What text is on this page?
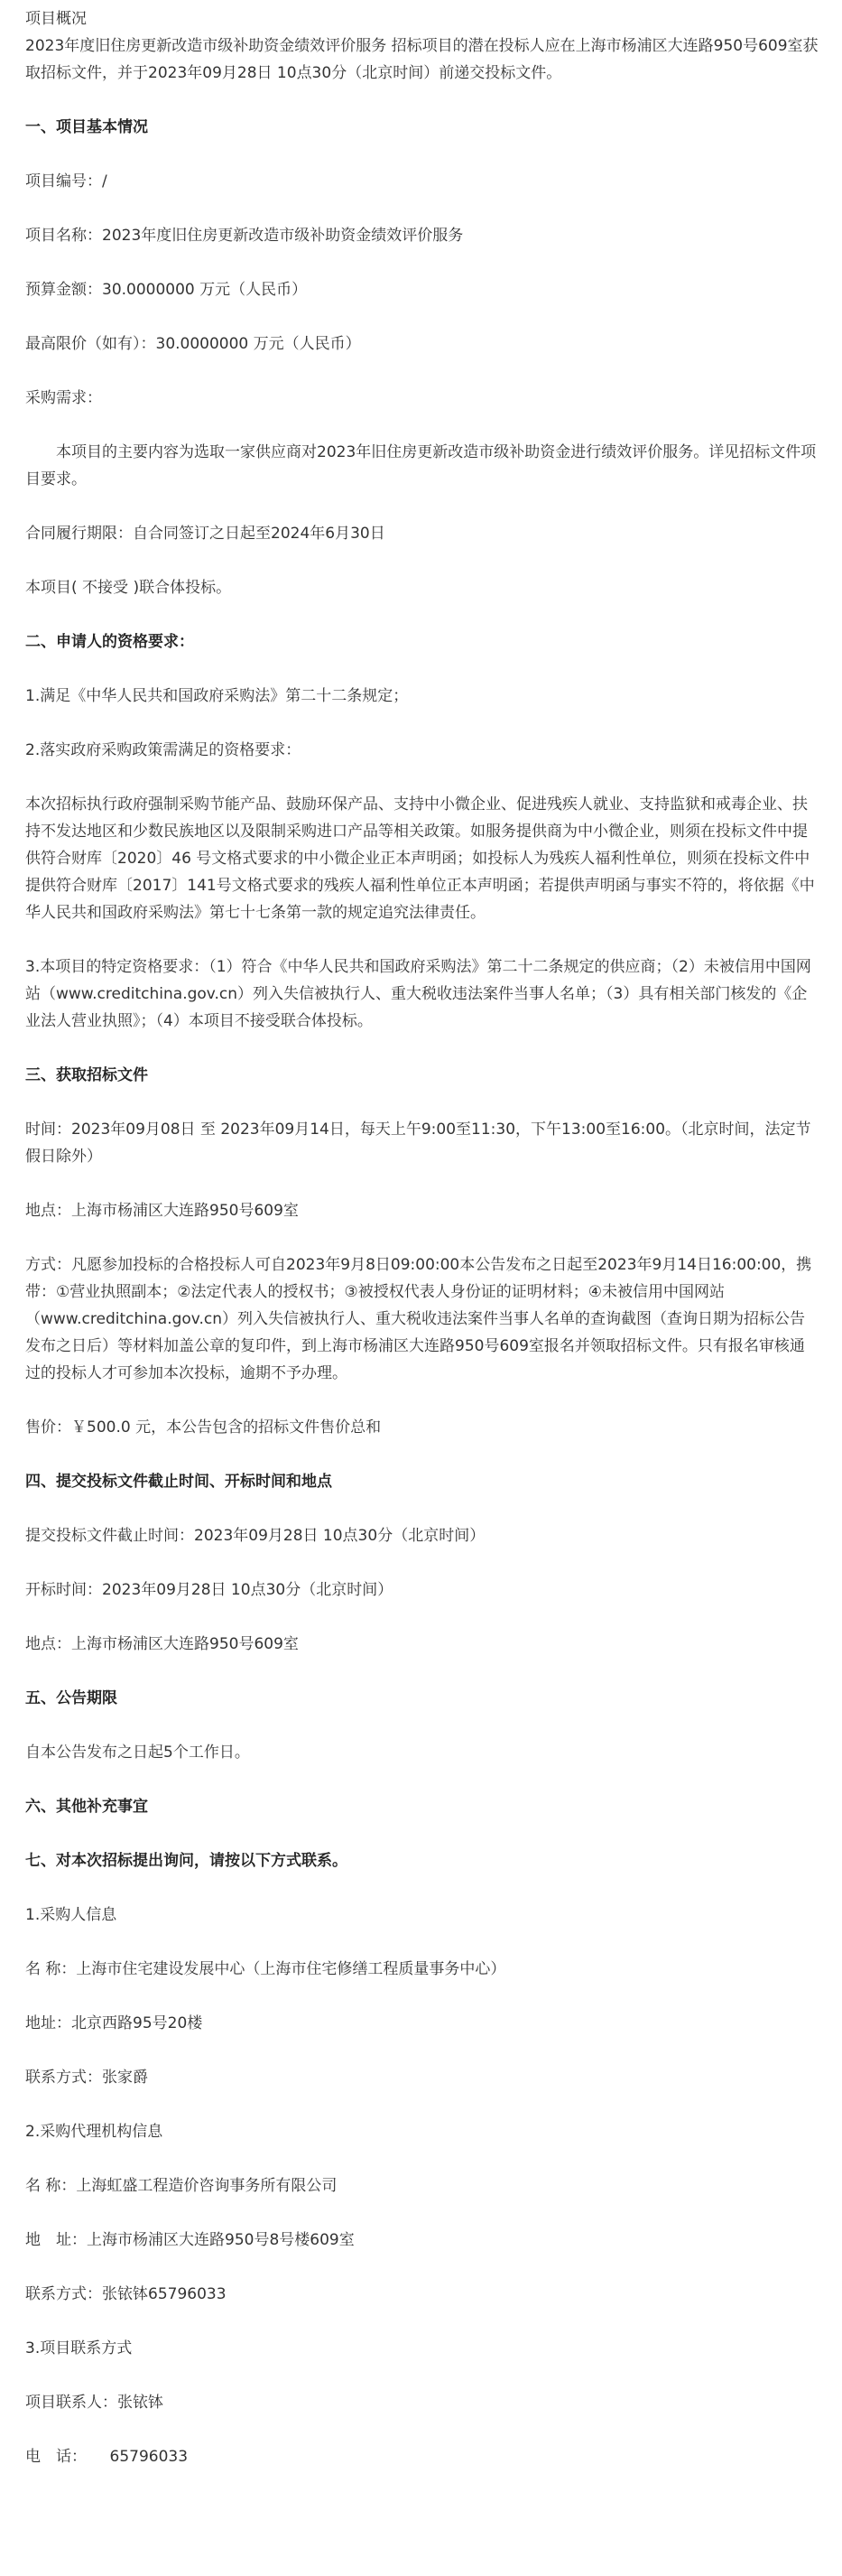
项目概况

2023年度旧住房更新改造市级补助资金绩效评价服务 招标项目的潜在投标人应在上海市杨浦区大连路950号609室获取招标文件，并于2023年09月28日 10点30分（北京时间）前递交投标文件。

一、项目基本情况

项目编号：/

项目名称：2023年度旧住房更新改造市级补助资金绩效评价服务

预算金额：30.0000000 万元（人民币）

最高限价（如有）：30.0000000 万元（人民币）

采购需求：

本项目的主要内容为选取一家供应商对2023年旧住房更新改造市级补助资金进行绩效评价服务。详见招标文件项目要求。

合同履行期限：自合同签订之日起至2024年6月30日

本项目( 不接受 )联合体投标。

二、申请人的资格要求：

1.满足《中华人民共和国政府采购法》第二十二条规定；

2.落实政府采购政策需满足的资格要求：

本次招标执行政府强制采购节能产品、鼓励环保产品、支持中小微企业、促进残疾人就业、支持监狱和戒毒企业、扶持不发达地区和少数民族地区以及限制采购进口产品等相关政策。如服务提供商为中小微企业，则须在投标文件中提供符合财库〔2020〕46 号文格式要求的中小微企业正本声明函；如投标人为残疾人福利性单位，则须在投标文件中提供符合财库〔2017〕141号文格式要求的残疾人福利性单位正本声明函；若提供声明函与事实不符的，将依据《中华人民共和国政府采购法》第七十七条第一款的规定追究法律责任。

3.本项目的特定资格要求：（1）符合《中华人民共和国政府采购法》第二十二条规定的供应商；（2）未被信用中国网站（www.creditchina.gov.cn）列入失信被执行人、重大税收违法案件当事人名单；（3）具有相关部门核发的《企业法人营业执照》；（4）本项目不接受联合体投标。

三、获取招标文件

时间：2023年09月08日 至 2023年09月14日，每天上午9:00至11:30，下午13:00至16:00。（北京时间，法定节假日除外）

地点：上海市杨浦区大连路950号609室

方式：凡愿参加投标的合格投标人可自2023年9月8日09:00:00本公告发布之日起至2023年9月14日16:00:00，携带：①营业执照副本；②法定代表人的授权书；③被授权代表人身份证的证明材料；④未被信用中国网站（www.creditchina.gov.cn）列入失信被执行人、重大税收违法案件当事人名单的查询截图（查询日期为招标公告发布之日后）等材料加盖公章的复印件，到上海市杨浦区大连路950号609室报名并领取招标文件。只有报名审核通过的投标人才可参加本次投标，逾期不予办理。

售价：￥500.0 元，本公告包含的招标文件售价总和

四、提交投标文件截止时间、开标时间和地点

提交投标文件截止时间：2023年09月28日 10点30分（北京时间）

开标时间：2023年09月28日 10点30分（北京时间）

地点：上海市杨浦区大连路950号609室

五、公告期限

自本公告发布之日起5个工作日。

六、其他补充事宜

七、对本次招标提出询问，请按以下方式联系。

1.采购人信息

名 称：上海市住宅建设发展中心（上海市住宅修缮工程质量事务中心）

地址：北京西路95号20楼

联系方式：张家爵

2.采购代理机构信息

名 称：上海虹盛工程造价咨询事务所有限公司

地　址：上海市杨浦区大连路950号8号楼609室

联系方式：张铱钵65796033

3.项目联系方式

项目联系人：张铱钵

电　话：　　65796033
